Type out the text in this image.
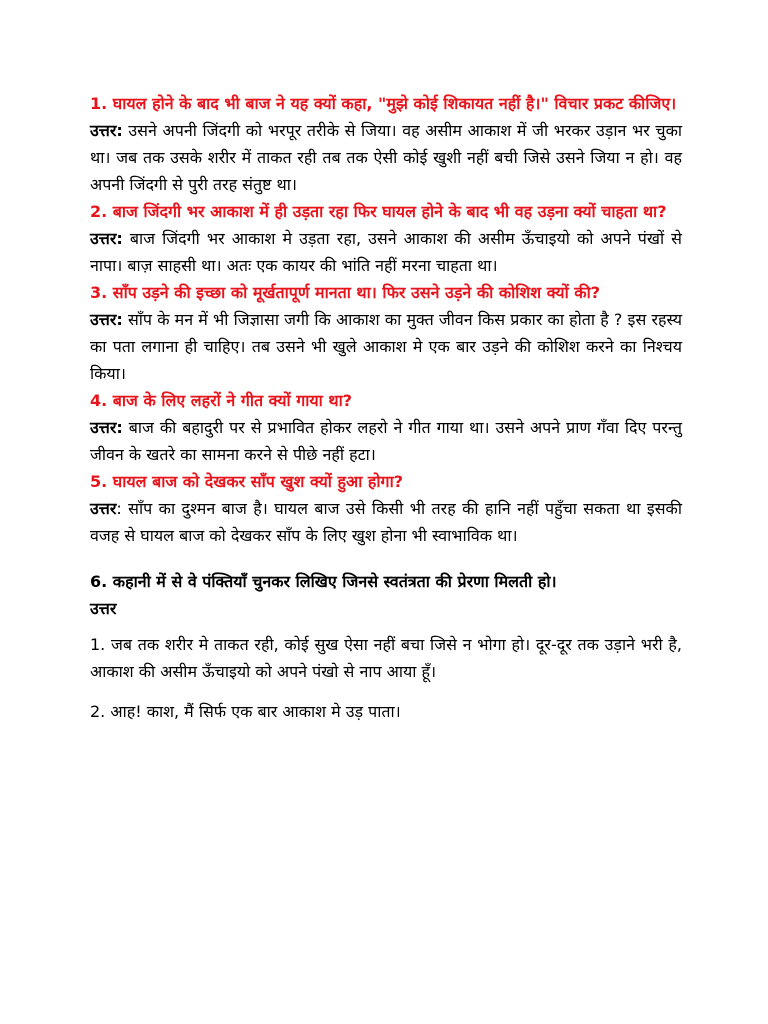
1. घायल होने के बाद भी बाज ने यह क्यों कहा, "मुझे कोई शिकायत नहीं है।" विचार प्रकट कीजिए।

उत्तर: उसने अपनी जिंदगी को भरपूर तरीके से जिया। वह असीम आकाश में जी भरकर उड़ान भर चुका था। जब तक उसके शरीर में ताकत रही तब तक ऐसी कोई खुशी नहीं बची जिसे उसने जिया न हो। वह अपनी जिंदगी से पुरी तरह संतुष्ट था।

2. बाज जिंदगी भर आकाश में ही उड़ता रहा फिर घायल होने के बाद भी वह उड़ना क्यों चाहता था?

उत्तर: बाज जिंदगी भर आकाश मे उड़ता रहा, उसने आकाश की असीम ऊँचाइयो को अपने पंखों से नापा। बाज़ साहसी था। अतः एक कायर की भांति नहीं मरना चाहता था।

3. साँप उड़ने की इच्छा को मूर्खतापूर्ण मानता था। फिर उसने उड़ने की कोशिश क्यों की?

उत्तर: साँप के मन में भी जिज्ञासा जगी कि आकाश का मुक्त जीवन किस प्रकार का होता है ? इस रहस्य का पता लगाना ही चाहिए। तब उसने भी खुले आकाश मे एक बार उड़ने की कोशिश करने का निश्चय किया।

4. बाज के लिए लहरों ने गीत क्यों गाया था?

उत्तर: बाज की बहादुरी पर से प्रभावित होकर लहरो ने गीत गाया था। उसने अपने प्राण गँवा दिए परन्तु जीवन के खतरे का सामना करने से पीछे नहीं हटा।

5. घायल बाज को देखकर साँप खुश क्यों हुआ होगा?

उत्तर: साँप का दुश्मन बाज है। घायल बाज उसे किसी भी तरह की हानि नहीं पहुँचा सकता था इसकी वजह से घायल बाज को देखकर साँप के लिए खुश होना भी स्वाभाविक था।

6. कहानी में से वे पंक्तियाँ चुनकर लिखिए जिनसे स्वतंत्रता की प्रेरणा मिलती हो।

उत्तर

1. जब तक शरीर मे ताकत रही, कोई सुख ऐसा नहीं बचा जिसे न भोगा हो। दूर-दूर तक उड़ाने भरी है, आकाश की असीम ऊँचाइयो को अपने पंखो से नाप आया हूँ।

2. आह! काश, मैं सिर्फ एक बार आकाश मे उड़ पाता।
